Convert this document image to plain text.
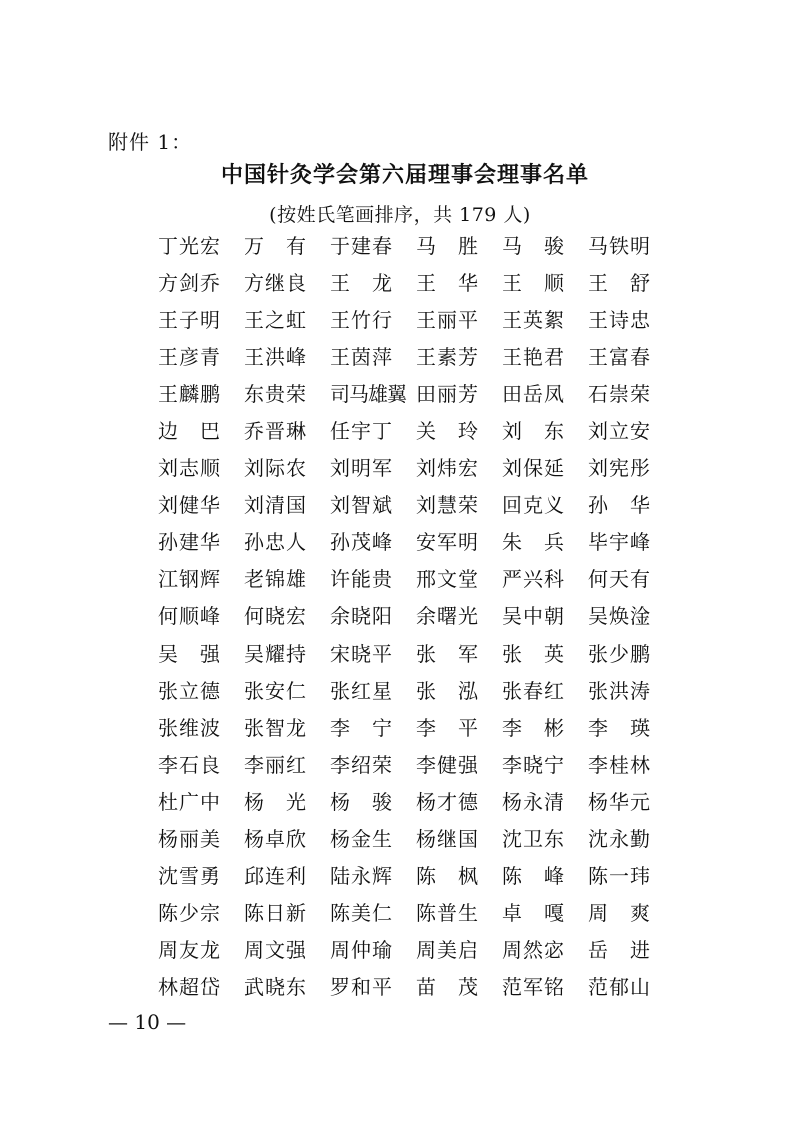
附件 1：
中国针灸学会第六届理事会理事名单
(按姓氏笔画排序，共 179 人)
丁光宏	万　有	于建春	马　胜	马　骏	马铁明
方剑乔	方继良	王　龙	王　华	王　顺	王　舒
王子明	王之虹	王竹行	王丽平	王英絮	王诗忠
王彦青	王洪峰	王茵萍	王素芳	王艳君	王富春
王麟鹏	东贵荣	司马雄翼 田丽芳	田岳凤	石崇荣
边　巴	乔晋琳	任宇丁	关　玲	刘　东	刘立安
刘志顺	刘际农	刘明军	刘炜宏	刘保延	刘宪彤
刘健华	刘清国	刘智斌	刘慧荣	回克义	孙　华
孙建华	孙忠人	孙茂峰	安军明	朱　兵	毕宇峰
江钢辉	老锦雄	许能贵	邢文堂	严兴科	何天有
何顺峰	何晓宏	余晓阳	余曙光	吴中朝	吴焕淦
吴　强	吴耀持	宋晓平	张　军	张　英	张少鹏
张立德	张安仁	张红星	张　泓	张春红	张洪涛
张维波	张智龙	李　宁	李　平	李　彬	李　瑛
李石良	李丽红	李绍荣	李健强	李晓宁	李桂林
杜广中	杨　光	杨　骏	杨才德	杨永清	杨华元
杨丽美	杨卓欣	杨金生	杨继国	沈卫东	沈永勤
沈雪勇	邱连利	陆永辉	陈　枫	陈　峰	陈一玮
陈少宗	陈日新	陈美仁	陈普生	卓　嘎	周　爽
周友龙	周文强	周仲瑜	周美启	周然宓	岳　进
林超岱	武晓东	罗和平	苗　茂	范军铭	范郁山
— 10 —
